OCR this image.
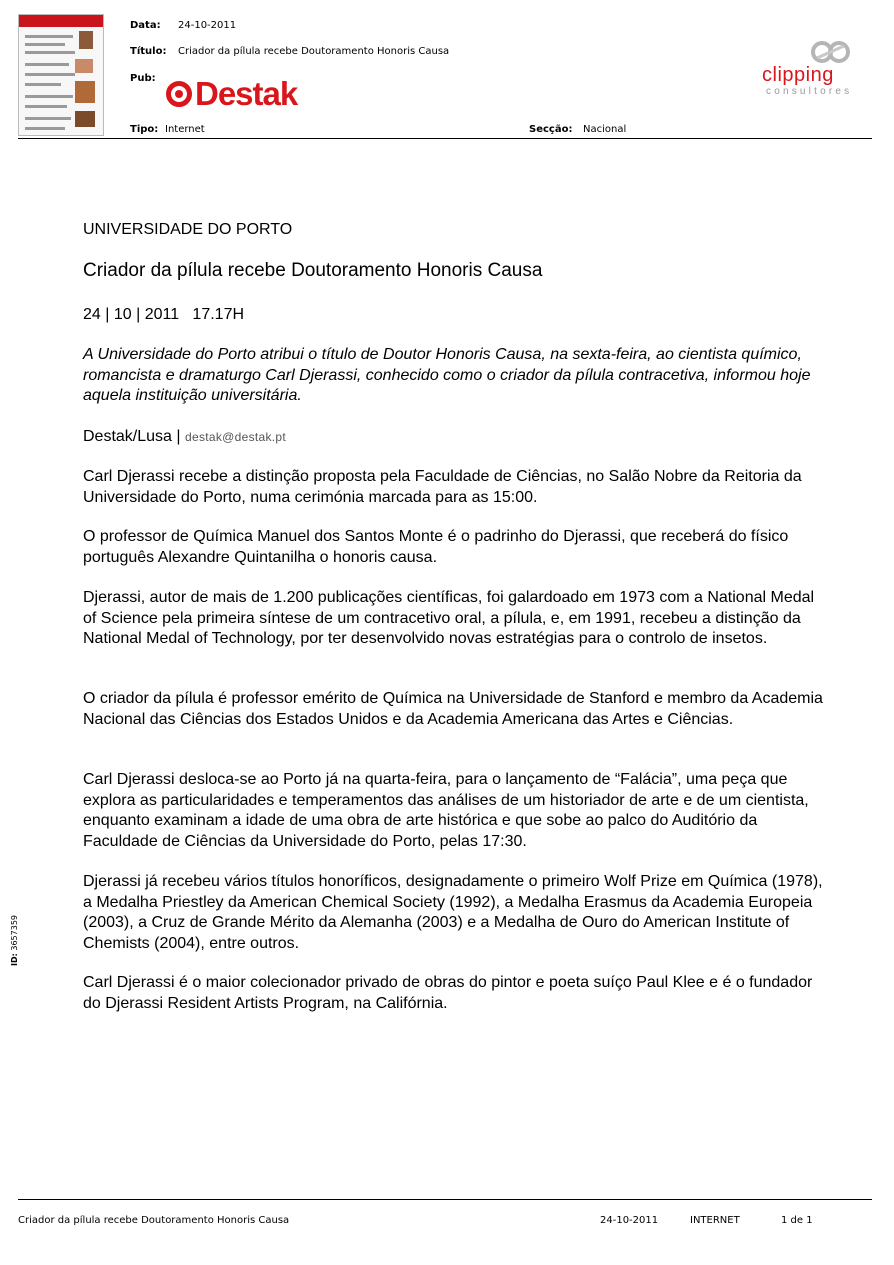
Data: 24-10-2011
Título: Criador da pílula recebe Doutoramento Honoris Causa
Pub: Destak	clipping
consultores
Tipo: Internet	Secção: Nacional
UNIVERSIDADE DO PORTO
Criador da pílula recebe Doutoramento Honoris Causa
24 | 10 | 2011   17.17H
A Universidade do Porto atribui o título de Doutor Honoris Causa, na sexta-feira, ao cientista químico, romancista e dramaturgo Carl Djerassi, conhecido como o criador da pílula contracetiva, informou hoje aquela instituição universitária.
Destak/Lusa | destak@destak.pt
Carl Djerassi recebe a distinção proposta pela Faculdade de Ciências, no Salão Nobre da Reitoria da Universidade do Porto, numa cerimónia marcada para as 15:00.
O professor de Química Manuel dos Santos Monte é o padrinho do Djerassi, que receberá do físico português Alexandre Quintanilha o honoris causa.
Djerassi, autor de mais de 1.200 publicações científicas, foi galardoado em 1973 com a National Medal of Science pela primeira síntese de um contracetivo oral, a pílula, e, em 1991, recebeu a distinção da National Medal of Technology, por ter desenvolvido novas estratégias para o controlo de insetos.
O criador da pílula é professor emérito de Química na Universidade de Stanford e membro da Academia Nacional das Ciências dos Estados Unidos e da Academia Americana das Artes e Ciências.
Carl Djerassi desloca-se ao Porto já na quarta-feira, para o lançamento de “Falácia”, uma peça que explora as particularidades e temperamentos das análises de um historiador de arte e de um cientista, enquanto examinam a idade de uma obra de arte histórica e que sobe ao palco do Auditório da Faculdade de Ciências da Universidade do Porto, pelas 17:30.
Djerassi já recebeu vários títulos honoríficos, designadamente o primeiro Wolf Prize em Química (1978), a Medalha Priestley da American Chemical Society (1992), a Medalha Erasmus da Academia Europeia (2003), a Cruz de Grande Mérito da Alemanha (2003) e a Medalha de Ouro do American Institute of Chemists (2004), entre outros.
Carl Djerassi é o maior colecionador privado de obras do pintor e poeta suíço Paul Klee e é o fundador do Djerassi Resident Artists Program, na Califórnia.
ID: 3657359
Criador da pílula recebe Doutoramento Honoris Causa	24-10-2011	INTERNET	1 de 1
